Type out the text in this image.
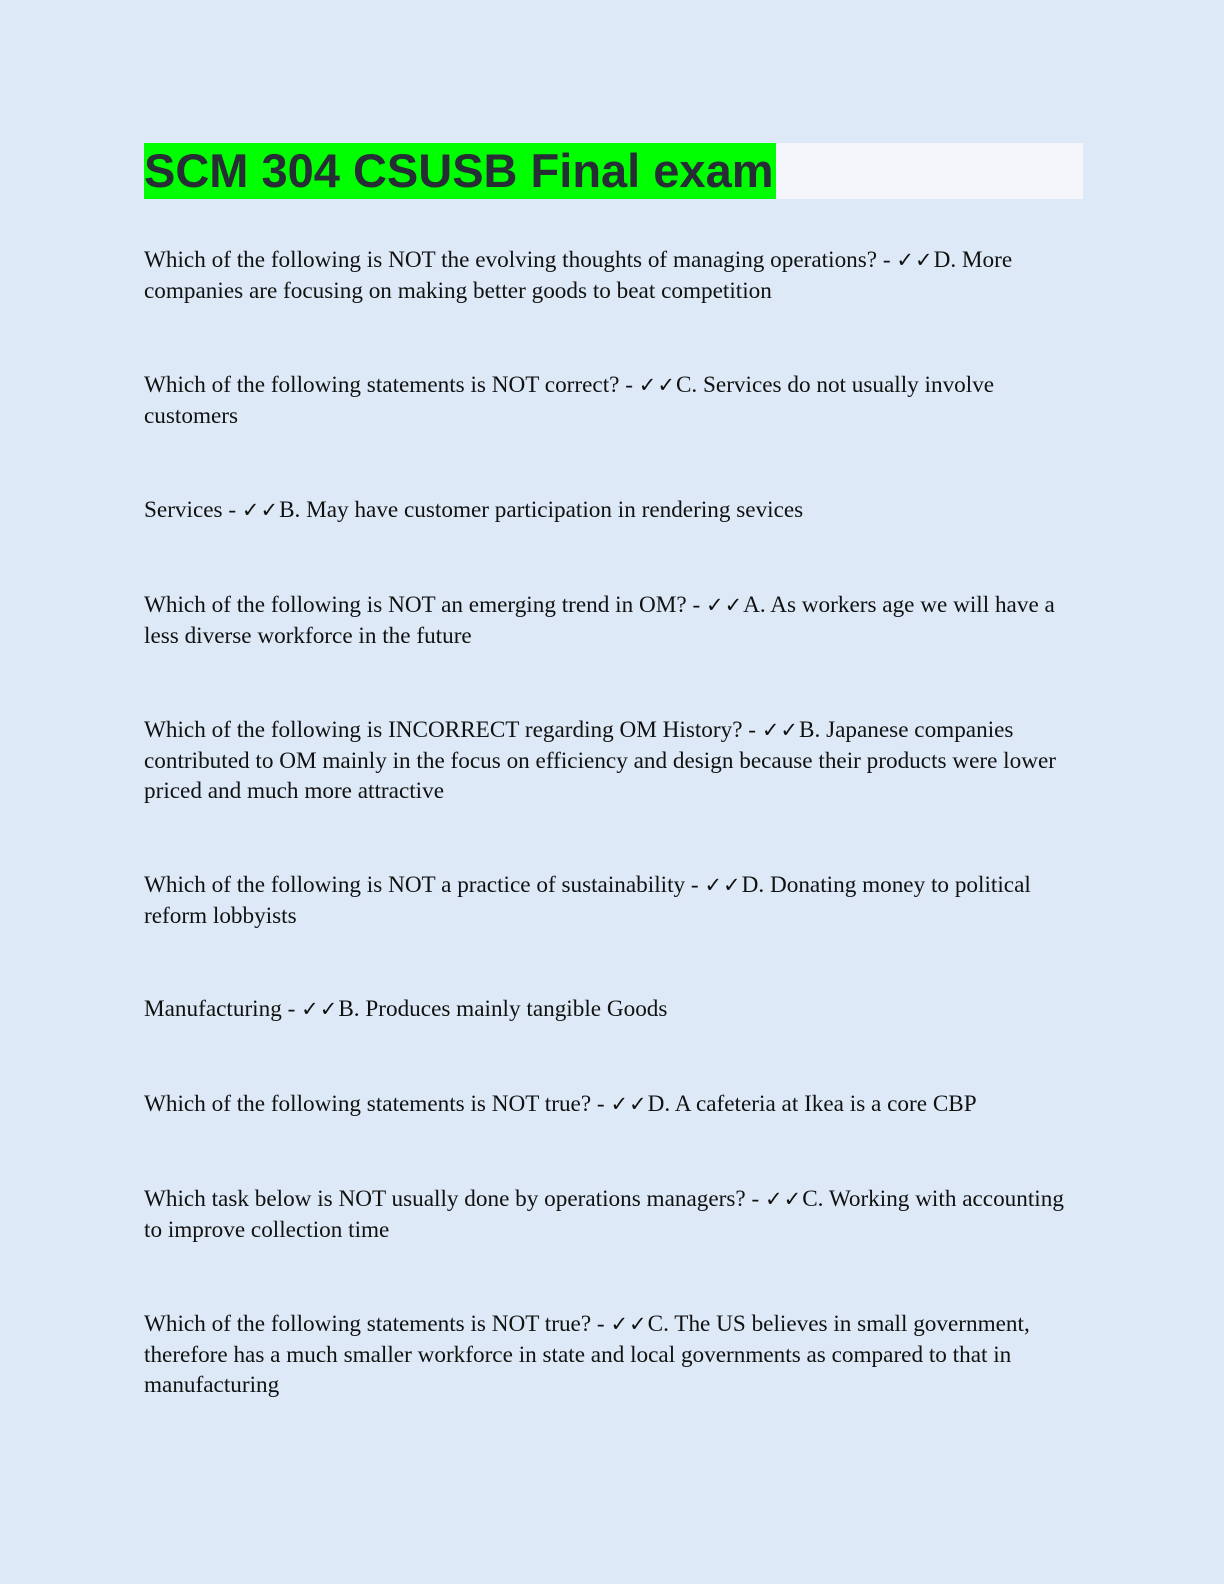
SCM 304 CSUSB Final exam

Which of the following is NOT the evolving thoughts of managing operations? - ✓✓D. More companies are focusing on making better goods to beat competition

Which of the following statements is NOT correct? - ✓✓C. Services do not usually involve customers

Services - ✓✓B. May have customer participation in rendering sevices

Which of the following is NOT an emerging trend in OM? - ✓✓A. As workers age we will have a less diverse workforce in the future

Which of the following is INCORRECT regarding OM History? - ✓✓B. Japanese companies contributed to OM mainly in the focus on efficiency and design because their products were lower priced and much more attractive

Which of the following is NOT a practice of sustainability - ✓✓D. Donating money to political reform lobbyists

Manufacturing - ✓✓B. Produces mainly tangible Goods

Which of the following statements is NOT true? - ✓✓D. A cafeteria at Ikea is a core CBP

Which task below is NOT usually done by operations managers? - ✓✓C. Working with accounting to improve collection time

Which of the following statements is NOT true? - ✓✓C. The US believes in small government, therefore has a much smaller workforce in state and local governments as compared to that in manufacturing
